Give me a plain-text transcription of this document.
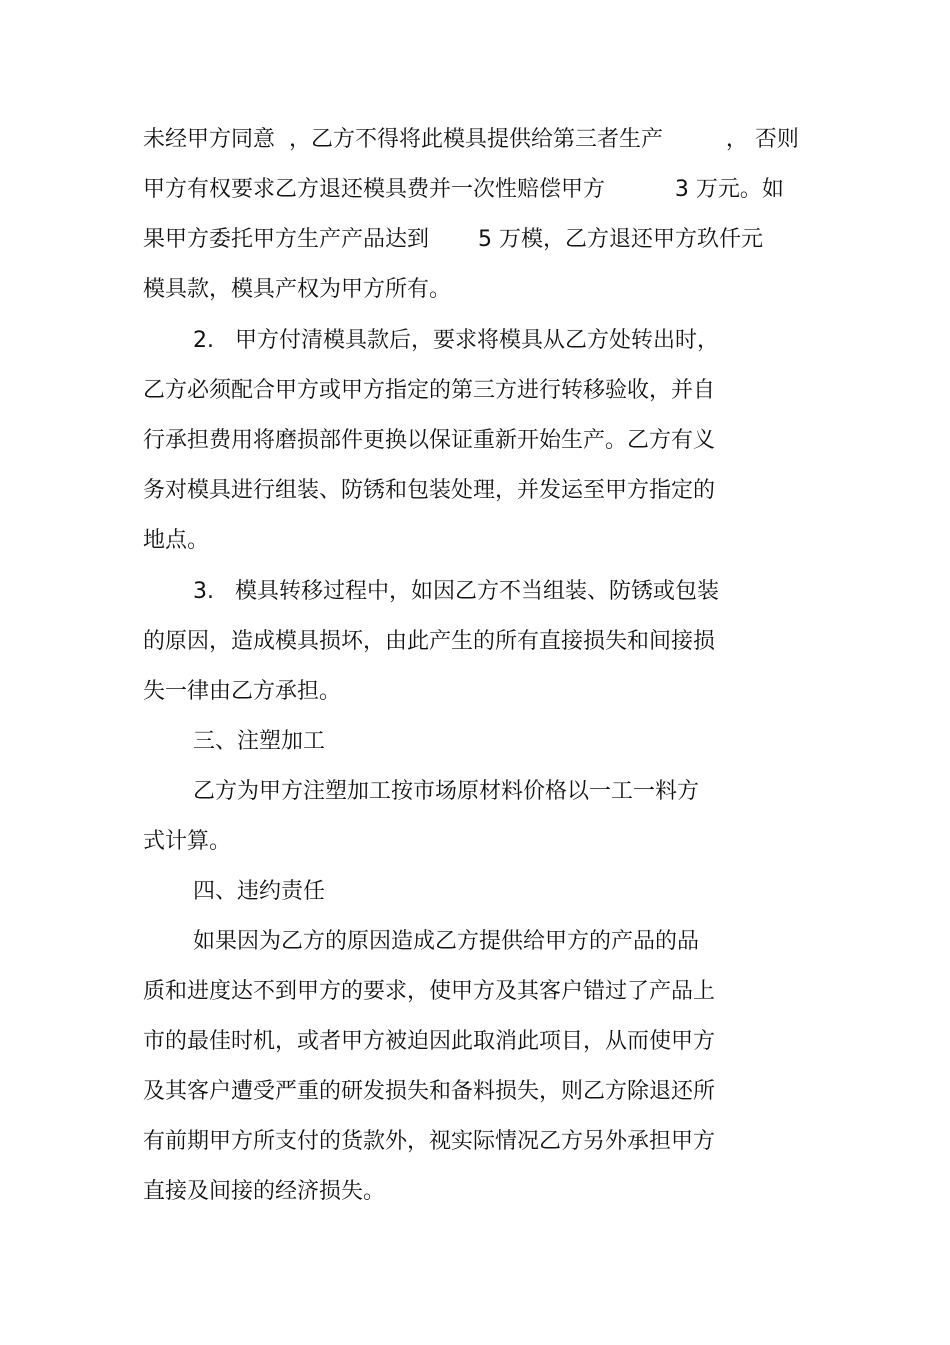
未经甲方同意  ，乙方不得将此模具提供给第三者生产         ， 否则
甲方有权要求乙方退还模具费并一次性赔偿甲方          3 万元。如
果甲方委托甲方生产产品达到       5 万模，乙方退还甲方玖仟元
模具款，模具产权为甲方所有。
2.   甲方付清模具款后，要求将模具从乙方处转出时，
乙方必须配合甲方或甲方指定的第三方进行转移验收，并自
行承担费用将磨损部件更换以保证重新开始生产。乙方有义
务对模具进行组装、防锈和包装处理，并发运至甲方指定的
地点。
3.   模具转移过程中，如因乙方不当组装、防锈或包装
的原因，造成模具损坏，由此产生的所有直接损失和间接损
失一律由乙方承担。
三、注塑加工
乙方为甲方注塑加工按市场原材料价格以一工一料方
式计算。
四、违约责任
如果因为乙方的原因造成乙方提供给甲方的产品的品
质和进度达不到甲方的要求，使甲方及其客户错过了产品上
市的最佳时机，或者甲方被迫因此取消此项目，从而使甲方
及其客户遭受严重的研发损失和备料损失，则乙方除退还所
有前期甲方所支付的货款外，视实际情况乙方另外承担甲方
直接及间接的经济损失。
